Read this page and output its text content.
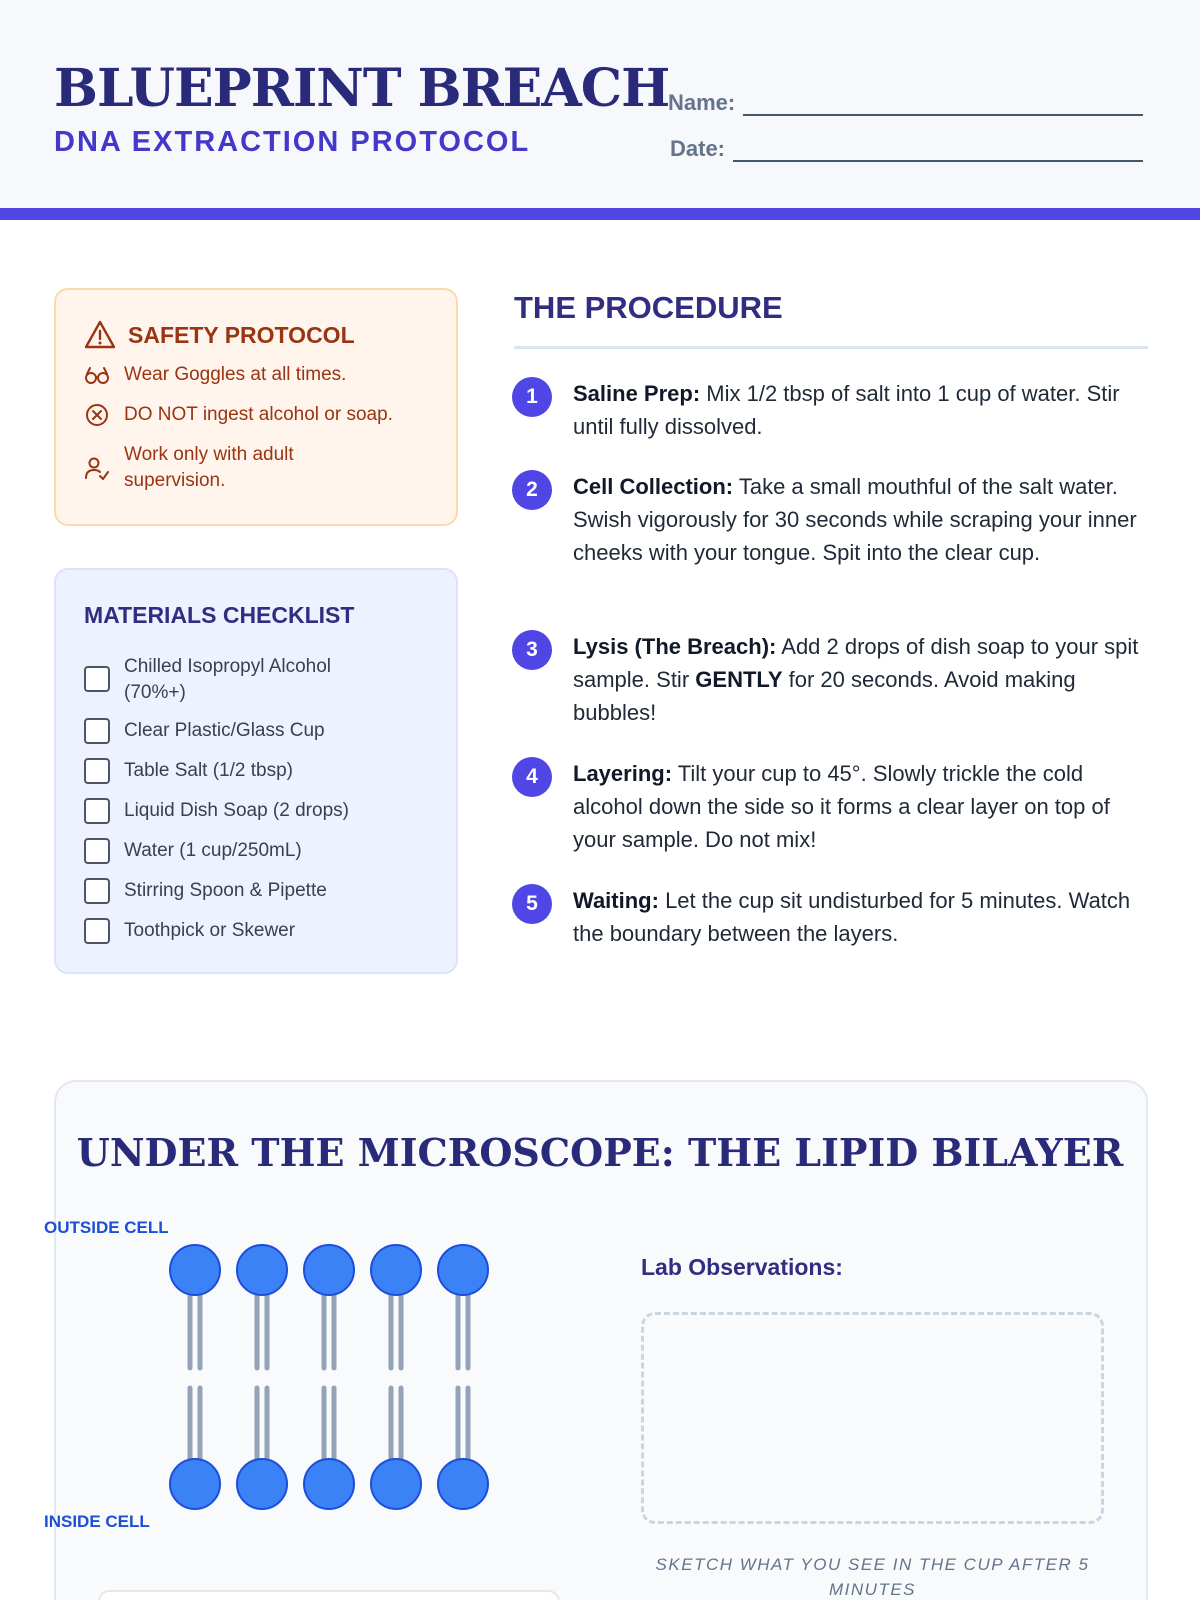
BLUEPRINT BREACH
DNA EXTRACTION PROTOCOL
Name:
Date:
SAFETY PROTOCOL
Wear Goggles at all times.
DO NOT ingest alcohol or soap.
Work only with adult supervision.
MATERIALS CHECKLIST
Chilled Isopropyl Alcohol (70%+)
Clear Plastic/Glass Cup
Table Salt (1/2 tbsp)
Liquid Dish Soap (2 drops)
Water (1 cup/250mL)
Stirring Spoon & Pipette
Toothpick or Skewer
THE PROCEDURE
1	Saline Prep: Mix 1/2 tbsp of salt into 1 cup of water. Stir until fully dissolved.
2	Cell Collection: Take a small mouthful of the salt water. Swish vigorously for 30 seconds while scraping your inner cheeks with your tongue. Spit into the clear cup.
3	Lysis (The Breach): Add 2 drops of dish soap to your spit sample. Stir GENTLY for 20 seconds. Avoid making bubbles!
4	Layering: Tilt your cup to 45°. Slowly trickle the cold alcohol down the side so it forms a clear layer on top of your sample. Do not mix!
5	Waiting: Let the cup sit undisturbed for 5 minutes. Watch the boundary between the layers.
UNDER THE MICROSCOPE: THE LIPID BILAYER
OUTSIDE CELL
INSIDE CELL
Lab Observations:
SKETCH WHAT YOU SEE IN THE CUP AFTER 5 MINUTES
